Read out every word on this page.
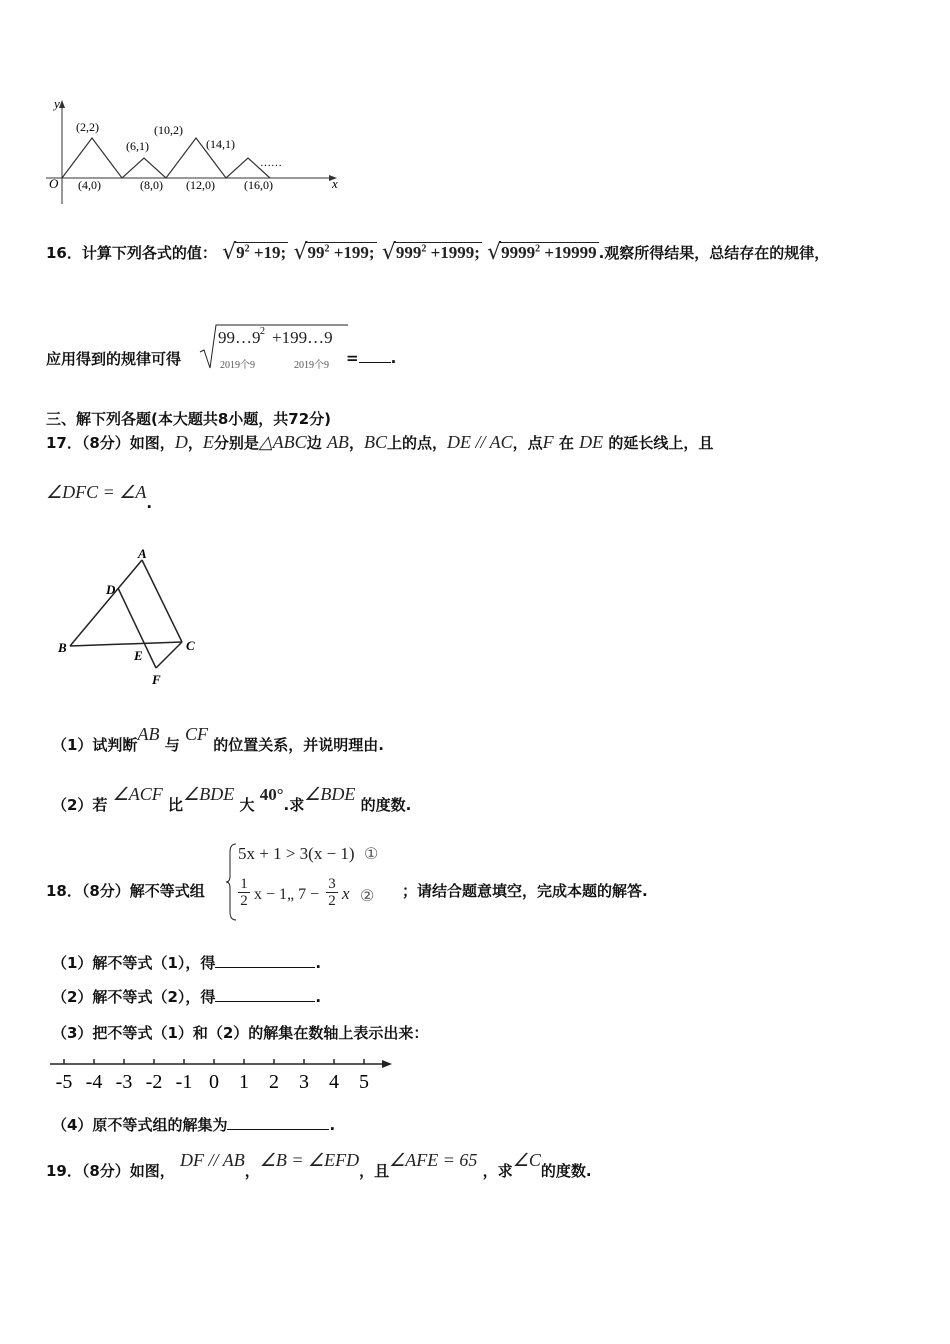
y
x
O
(2,2)
(6,1)
(10,2)
(14,1)
……
(4,0)	(8,0) (12,0) (16,0)
16．计算下列各式的值： √ $9^2 +19$; √ $99^2 +199$; √ $999^2 +1999$; √ $9999^2 +19999$ .观察所得结果，总结存在的规律，
应用得到的规律可得
99…9 2 +199…9
2019个9	2019个9 = .
三、解下列各题(本大题共8小题，共72分)
17．（8分）如图，D，E分别是△ABC边 AB，BC上的点，DE // AC，点F 在 DE 的延长线上，且
∠DFC = ∠A.
A
B	C
D
E
F
（1）试判断AB 与 CF 的位置关系，并说明理由.
（2）若 ∠ACF 比∠BDE 大 40°.求∠BDE 的度数.
18．（8分）解不等式组
5x + 1 > 3(x − 1) ①
$\frac{1}{2}$ x − 1„ $7 - \frac{3}{2}$ x ② ；请结合题意填空，完成本题的解答.
（1）解不等式（1），得	.
（2）解不等式（2），得	.
（3）把不等式（1）和（2）的解集在数轴上表示出来：
-5 -4 -3 -2 -1 0 1 2 3 4 5
（4）原不等式组的解集为	.
19．（8分）如图， DF // AB，∠B = ∠EFD，且∠AFE = 65 ，求∠C的度数.
